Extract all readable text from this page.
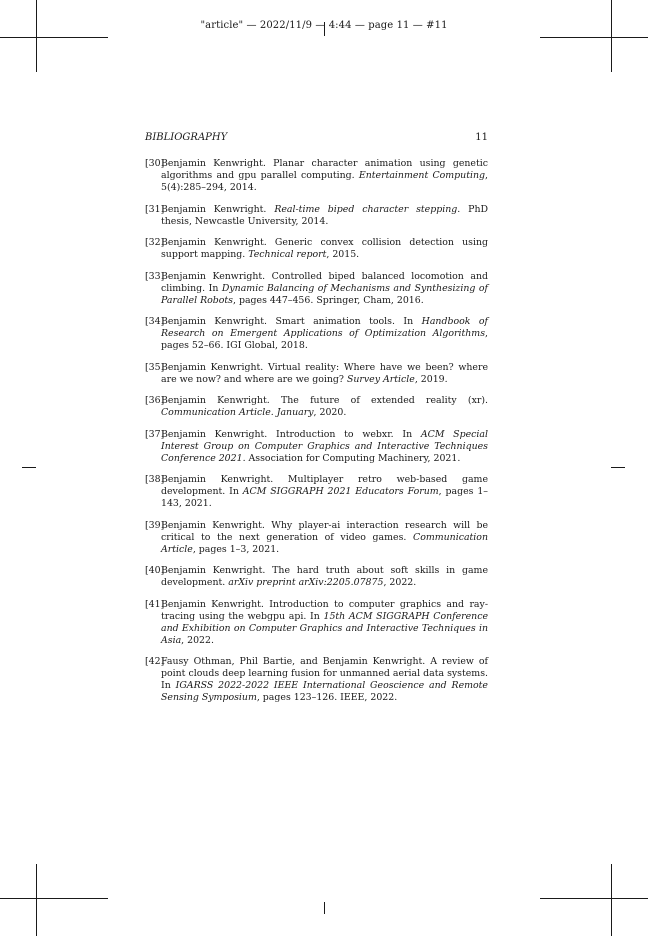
"article" — 2022/11/9 — 4:44 — page 11 — #11
BIBLIOGRAPHY	11
[30]
Benjamin Kenwright. Planar character animation using genetic algorithms and gpu parallel computing. Entertainment Computing, 5(4):285–294, 2014.
[31]
Benjamin Kenwright. Real-time biped character stepping. PhD thesis, Newcastle University, 2014.
[32]
Benjamin Kenwright. Generic convex collision detection using support mapping. Technical report, 2015.
[33]
Benjamin Kenwright. Controlled biped balanced locomotion and climbing. In Dynamic Balancing of Mechanisms and Synthesizing of Parallel Robots, pages 447–456. Springer, Cham, 2016.
[34]
Benjamin Kenwright. Smart animation tools. In Handbook of Research on Emergent Applications of Optimization Algorithms, pages 52–66. IGI Global, 2018.
[35]
Benjamin Kenwright. Virtual reality: Where have we been? where are we now? and where are we going? Survey Article, 2019.
[36]
Benjamin Kenwright. The future of extended reality (xr). Communication Article. January, 2020.
[37]
Benjamin Kenwright. Introduction to webxr. In ACM Special Interest Group on Computer Graphics and Interactive Techniques Conference 2021. Association for Computing Machinery, 2021.
[38]
Benjamin Kenwright. Multiplayer retro web-based game development. In ACM SIGGRAPH 2021 Educators Forum, pages 1–143, 2021.
[39]
Benjamin Kenwright. Why player-ai interaction research will be critical to the next generation of video games. Communication Article, pages 1–3, 2021.
[40]
Benjamin Kenwright. The hard truth about soft skills in game development. arXiv preprint arXiv:2205.07875, 2022.
[41]
Benjamin Kenwright. Introduction to computer graphics and ray-tracing using the webgpu api. In 15th ACM SIGGRAPH Conference and Exhibition on Computer Graphics and Interactive Techniques in Asia, 2022.
[42]
Fausy Othman, Phil Bartie, and Benjamin Kenwright. A review of point clouds deep learning fusion for unmanned aerial data systems. In IGARSS 2022-2022 IEEE International Geoscience and Remote Sensing Symposium, pages 123–126. IEEE, 2022.
